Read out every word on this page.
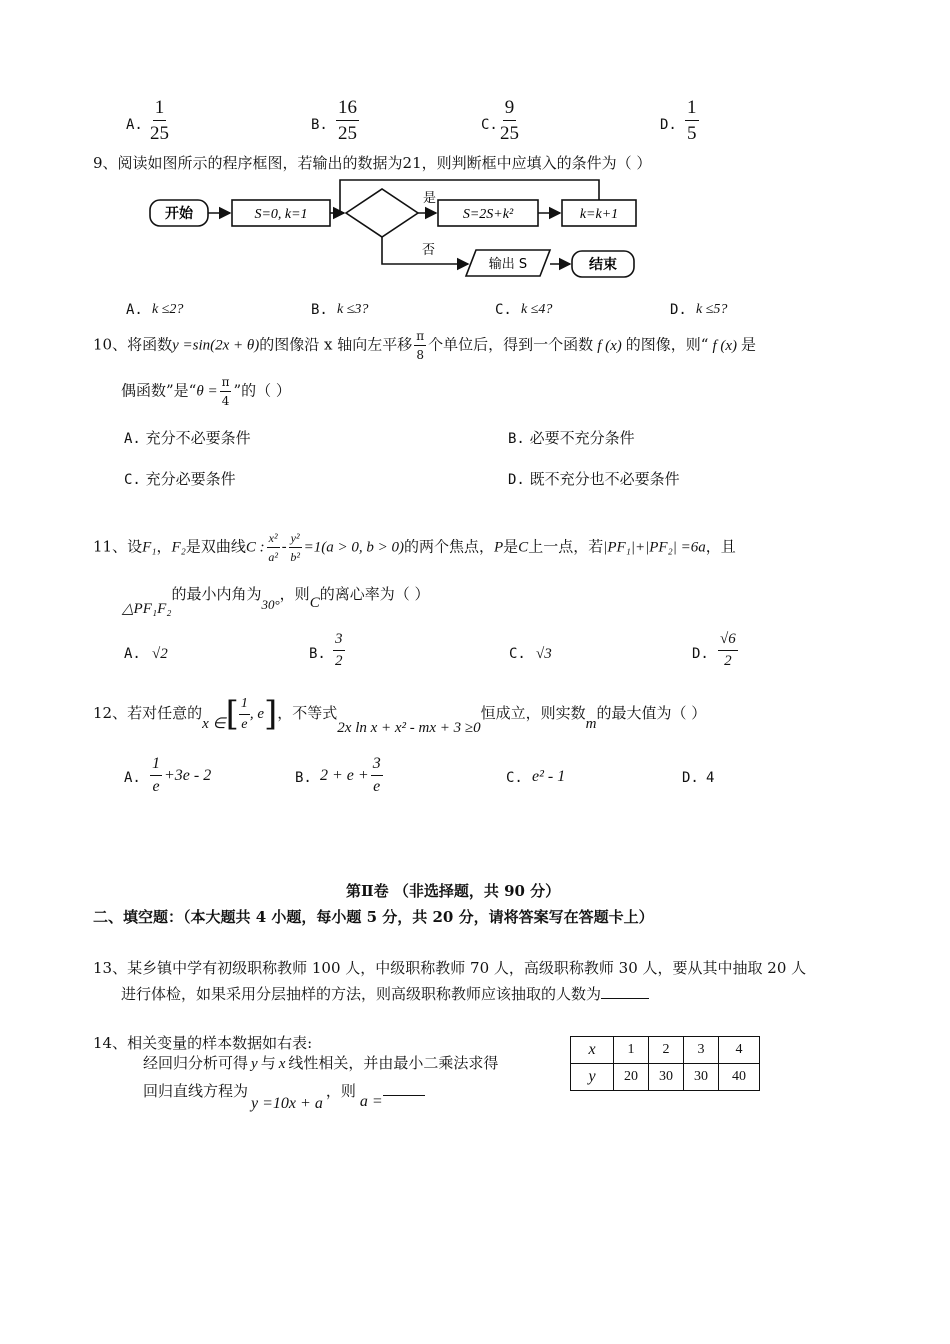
A. $\frac{1}{25}$	B. $\frac{16}{25}$	C. $\frac{9}{25}$	D. $\frac{1}{5}$
9、阅读如图所示的程序框图，若输出的数据为21，则判断框中应填入的条件为（ ）
开始	S=0, k=1
是
S=2S+k²	k=k+1
否
输出 S	结束
A. k ≤2?	B. k ≤3?	C. k ≤4?	D. k ≤5?
10、将函数y =sin(2x + θ)的图像沿 x 轴向左平移 $\frac{\pi}{8}$ 个单位后，得到一个函数 f (x) 的图像，则“ f (x) 是
偶函数”是“$\theta = \frac{\pi}{4}$ ”的（ ）
A. 充分不必要条件	B. 必要不充分条件
C. 充分必要条件	D. 既不充分也不必要条件
11、设F₁，F₂是双曲线C : $\frac{\text{x²}}{\text{a²}} - \frac{\text{y²}}{\text{b²}} =1(a > 0$, b > 0)的两个焦点，P是C上一点，若|PF₁|+|PF₂| =6a，且
△PF₁F₂的最小内角为30°，则C的离心率为（ ）
A. √2	B. $\frac{3}{2}$	C. √3	D. $\frac{√6}{2}$
12、若对任意的x ∈[ $\frac{1}{e}$ , e]，不等式2x ln x + x² - mx + 3 ≥0恒成立，则实数m的最大值为（ ）
A. $\frac{1}{e} +3e - 2$	B. $2 + e + \frac{3}{e}$	C. e² - 1	D. 4
第Ⅱ卷 （非选择题，共 90 分）
二、填空题：（本大题共 4 小题，每小题 5 分，共 20 分，请将答案写在答题卡上）
13、某乡镇中学有初级职称教师 100 人，中级职称教师 70 人，高级职称教师 30 人，要从其中抽取 20 人
进行体检，如果采用分层抽样的方法，则高级职称教师应该抽取的人数为
14、相关变量的样本数据如右表:
经回归分析可得 y 与 x 线性相关，并由最小二乘法求得
回归直线方程为y =10x + a，则a =
x	1	2	3	4
y	20	30	30	40
